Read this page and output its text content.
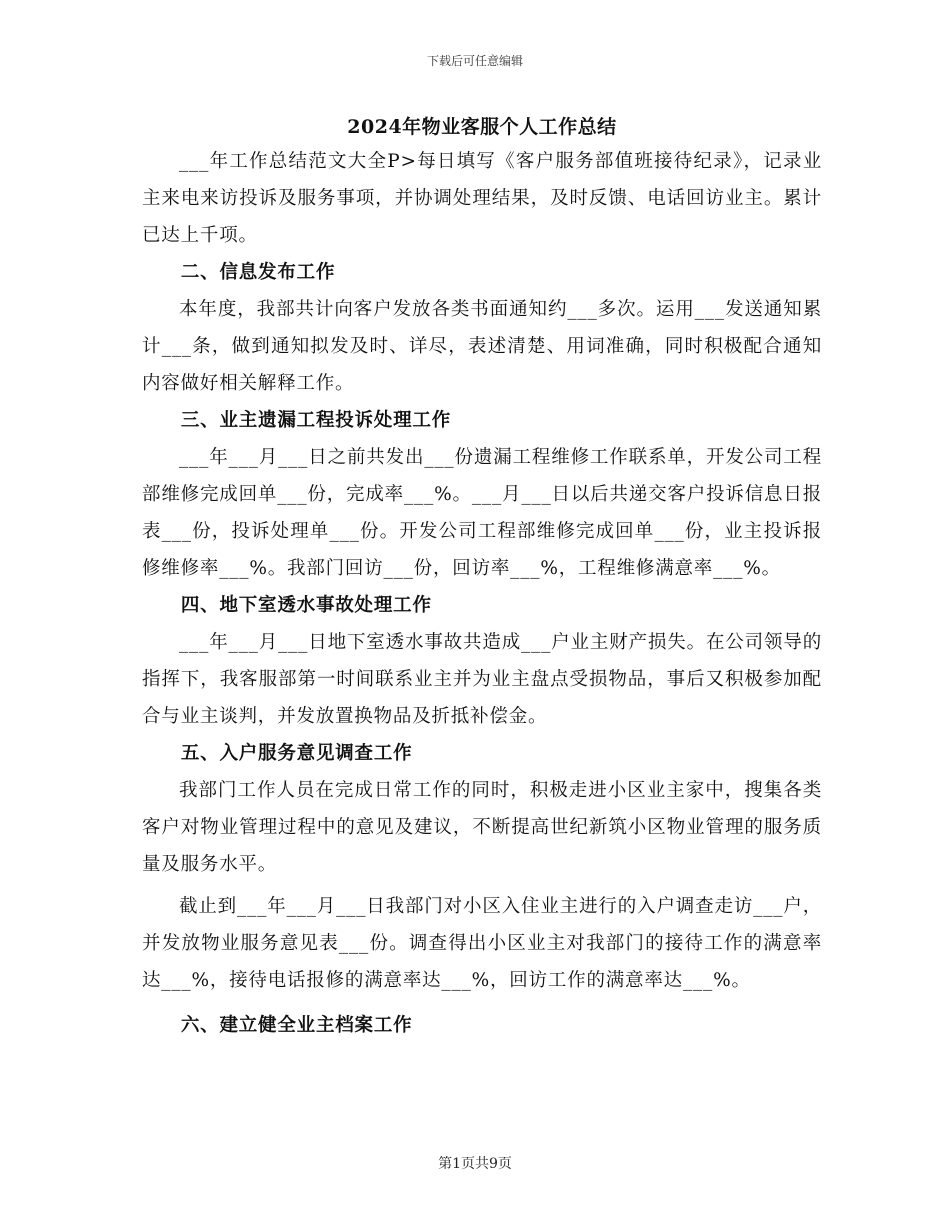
下载后可任意编辑
2024年物业客服个人工作总结

___年工作总结范文大全P>每日填写《客户服务部值班接待纪录》，记录业主来电来访投诉及服务事项，并协调处理结果，及时反馈、电话回访业主。累计已达上千项。

二、信息发布工作

本年度，我部共计向客户发放各类书面通知约___多次。运用___发送通知累计___条，做到通知拟发及时、详尽，表述清楚、用词准确，同时积极配合通知内容做好相关解释工作。

三、业主遗漏工程投诉处理工作

___年___月___日之前共发出___份遗漏工程维修工作联系单，开发公司工程部维修完成回单___份，完成率___%。___月___日以后共递交客户投诉信息日报表___份，投诉处理单___份。开发公司工程部维修完成回单___份，业主投诉报修维修率___%。我部门回访___份，回访率___%，工程维修满意率___%。

四、地下室透水事故处理工作

___年___月___日地下室透水事故共造成___户业主财产损失。在公司领导的指挥下，我客服部第一时间联系业主并为业主盘点受损物品，事后又积极参加配合与业主谈判，并发放置换物品及折抵补偿金。

五、入户服务意见调查工作

我部门工作人员在完成日常工作的同时，积极走进小区业主家中，搜集各类客户对物业管理过程中的意见及建议，不断提高世纪新筑小区物业管理的服务质量及服务水平。

截止到___年___月___日我部门对小区入住业主进行的入户调查走访___户，并发放物业服务意见表___份。调查得出小区业主对我部门的接待工作的满意率达___%，接待电话报修的满意率达___%，回访工作的满意率达___%。

六、建立健全业主档案工作
第1页共9页
